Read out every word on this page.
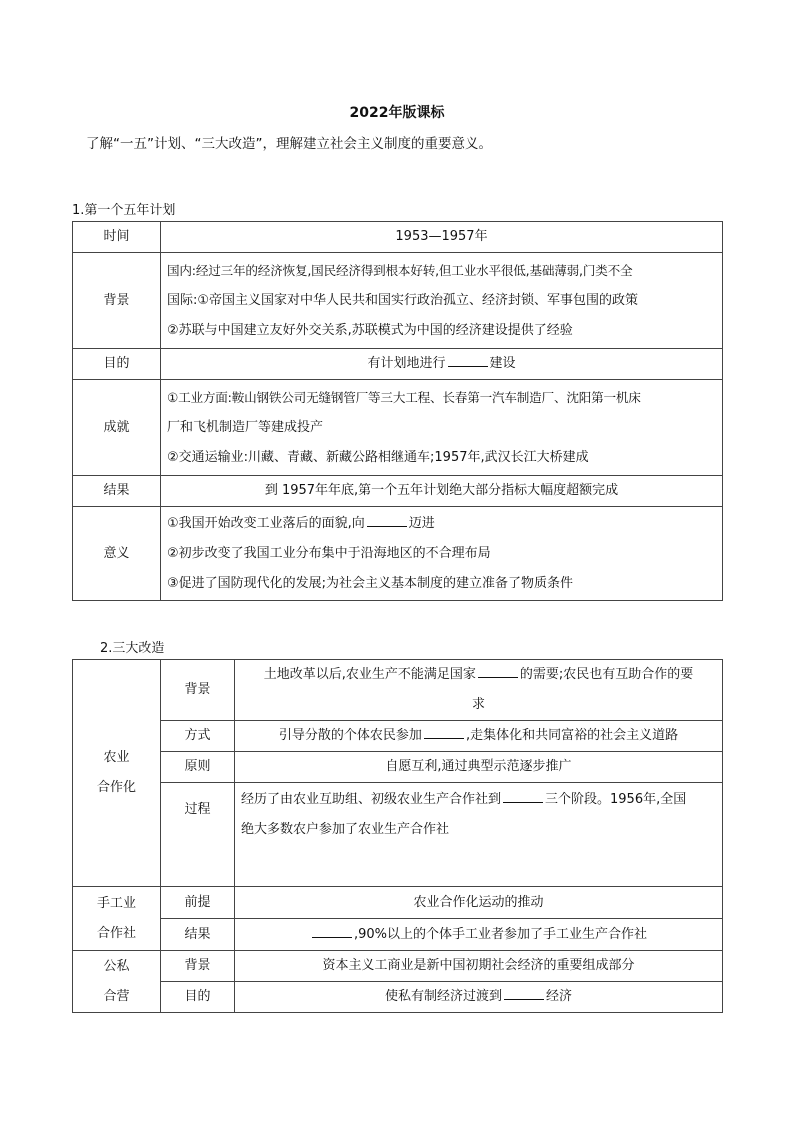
2022年版课标
了解“一五”计划、“三大改造”，理解建立社会主义制度的重要意义。
1.第一个五年计划
时间	1953—1957年
背景	国内:经过三年的经济恢复,国民经济得到根本好转,但工业水平很低,基础薄弱,门类不全
国际:①帝国主义国家对中华人民共和国实行政治孤立、经济封锁、军事包围的政策
②苏联与中国建立友好外交关系,苏联模式为中国的经济建设提供了经验

目的	有计划地进行 建设
成就	①工业方面:鞍山钢铁公司无缝钢管厂等三大工程、长春第一汽车制造厂、沈阳第一机床
厂和飞机制造厂等建成投产
②交通运输业:川藏、青藏、新藏公路相继通车;1957年,武汉长江大桥建成

结果	到 1957年年底,第一个五年计划绝大部分指标大幅度超额完成
意义	①我国开始改变工业落后的面貌,向 迈进
②初步改变了我国工业分布集中于沿海地区的不合理布局
③促进了国防现代化的发展;为社会主义基本制度的建立准备了物质条件
2.三大改造
农业
合作化	背景	土地改革以后,农业生产不能满足国家 的需要;农民也有互助合作的要
求

	方式	引导分散的个体农民参加 ,走集体化和共同富裕的社会主义道路
	原则	自愿互利,通过典型示范逐步推广
	过程	经历了由农业互助组、初级农业生产合作社到 三个阶段。1956年,全国
绝大多数农户参加了农业生产合作社

手工业
合作社	前提	农业合作化运动的推动
	结果	,90%以上的个体手工业者参加了手工业生产合作社

公私
合营	背景	资本主义工商业是新中国初期社会经济的重要组成部分
	目的	使私有制经济过渡到 经济
